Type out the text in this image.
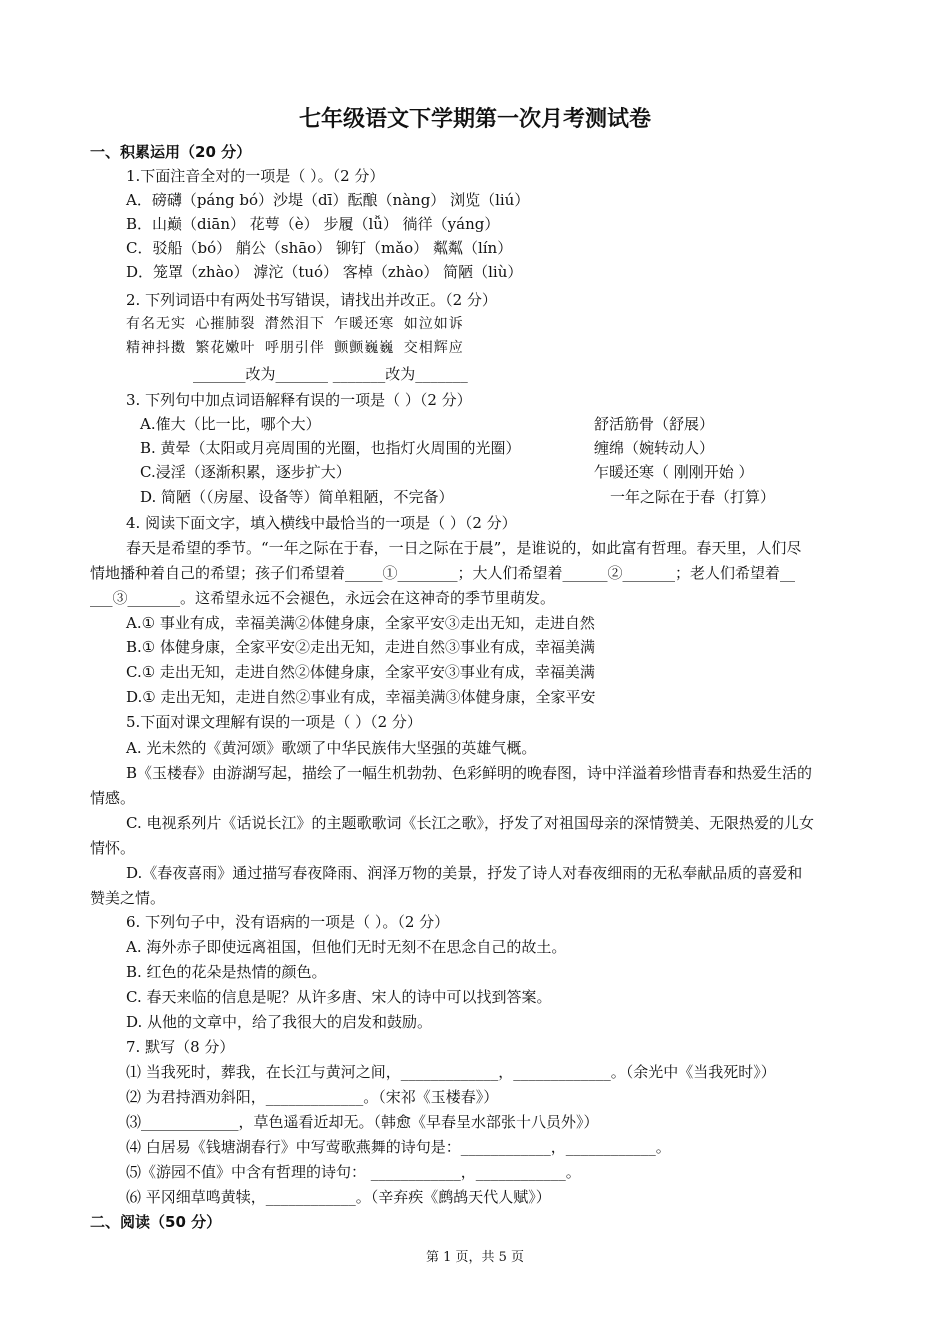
七年级语文下学期第一次月考测试卷
一、积累运用（20 分）
1.下面注音全对的一项是（ ）。（2 分）
A．磅礴（páng bó）沙堤（dī）酝酿（nàng） 浏览（liú）
B．山巅（diān） 花萼（è） 步履（lǚ） 徜徉（yáng）
C．驳船（bó） 艄公（shāo） 铆钉（mǎo） 粼粼（lín）
D．笼罩（zhào） 滹沱（tuó） 客棹（zhào） 简陋（liù）
2. 下列词语中有两处书写错误，请找出并改正。（2 分）
有名无实 心摧肺裂 潸然泪下 乍暖还寒 如泣如诉
精神抖擞 繁花嫩叶 呼朋引伴 颤颤巍巍 交相辉应
_______改为_______ _______改为_______
3. 下列句中加点词语解释有误的一项是（ ）（2 分）
A.傕大（比一比，哪个大）	舒活筋骨（舒展）
B. 黄晕（太阳或月亮周围的光圈，也指灯火周围的光圈）	缠绵（婉转动人）
C.浸淫（逐渐积累，逐步扩大）	乍暖还寒（ 刚刚开始 ）
D. 简陋（（房屋、设备等）简单粗陋，不完备）	一年之际在于春（打算）
4. 阅读下面文字，填入横线中最恰当的一项是（ ）（2 分）
春天是希望的季节。“一年之际在于春，一日之际在于晨”，是谁说的，如此富有哲理。春天里，人们尽
情地播种着自己的希望；孩子们希望着_____①________；大人们希望着______②_______；老人们希望着__
___③_______。这希望永远不会褪色，永远会在这神奇的季节里萌发。
A.① 事业有成，幸福美满②体健身康，全家平安③走出无知，走进自然
B.① 体健身康，全家平安②走出无知，走进自然③事业有成，幸福美满
C.① 走出无知，走进自然②体健身康，全家平安③事业有成，幸福美满
D.① 走出无知，走进自然②事业有成，幸福美满③体健身康，全家平安
5.下面对课文理解有误的一项是（ ）（2 分）
A. 光未然的《黄河颂》歌颂了中华民族伟大坚强的英雄气概。
B《玉楼春》由游湖写起，描绘了一幅生机勃勃、色彩鲜明的晚春图，诗中洋溢着珍惜青春和热爱生活的
情感。
C. 电视系列片《话说长江》的主题歌歌词《长江之歌》，抒发了对祖国母亲的深情赞美、无限热爱的儿女
情怀。
D.《春夜喜雨》通过描写春夜降雨、润泽万物的美景，抒发了诗人对春夜细雨的无私奉献品质的喜爱和
赞美之情。
6. 下列句子中，没有语病的一项是（ ）。（2 分）
A. 海外赤子即使远离祖国，但他们无时无刻不在思念自己的故土。
B. 红色的花朵是热情的颜色。
C. 春天来临的信息是呢？从许多唐、宋人的诗中可以找到答案。
D. 从他的文章中，给了我很大的启发和鼓励。
7. 默写（8 分）
⑴ 当我死时，葬我，在长江与黄河之间，_____________，_____________。（余光中《当我死时》）
⑵ 为君持酒劝斜阳，_____________。（宋祁《玉楼春》）
⑶_____________，草色遥看近却无。（韩愈《早春呈水部张十八员外》）
⑷ 白居易《钱塘湖春行》中写莺歌燕舞的诗句是：____________，____________。
⑸《游园不值》中含有哲理的诗句： ____________，____________。
⑹ 平冈细草鸣黄犊，____________。（辛弃疾《鹧鸪天代人赋》）
二、阅读（50 分）
第 1 页，共 5 页
